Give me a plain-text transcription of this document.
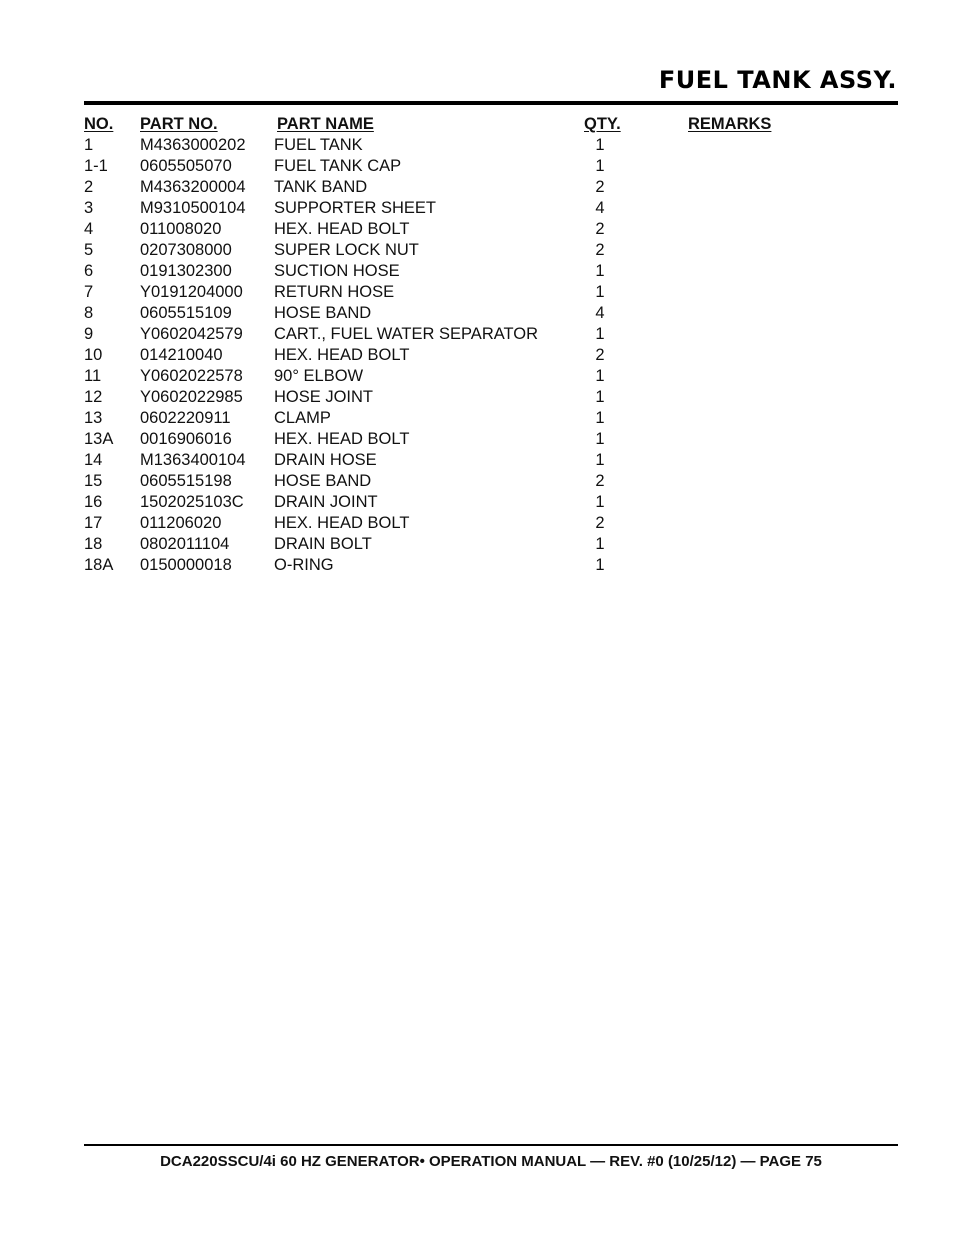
FUEL TANK ASSY.
NO. PART NO.	PART NAME	QTY.	REMARKS
1	M4363000202 FUEL TANK	1
1-1 0605505070	FUEL TANK CAP	1
2	M4363200004 TANK BAND	2
3	M9310500104 SUPPORTER SHEET	4
4	011008020	HEX. HEAD BOLT	2
5	0207308000	SUPER LOCK NUT	2
6	0191302300	SUCTION HOSE	1
7	Y0191204000 RETURN HOSE	1
8	0605515109	HOSE BAND	4
9	Y0602042579 CART., FUEL WATER SEPARATOR	1
10 014210040	HEX. HEAD BOLT	2
11 Y0602022578 90° ELBOW	1
12 Y0602022985 HOSE JOINT	1
13 0602220911	CLAMP	1
13A 0016906016	HEX. HEAD BOLT	1
14 M1363400104 DRAIN HOSE	1
15 0605515198	HOSE BAND	2
16 1502025103C DRAIN JOINT	1
17 011206020	HEX. HEAD BOLT	2
18 0802011104	DRAIN BOLT	1
18A 0150000018	O-RING	1
DCA220SSCU/4i 60 HZ GENERATOR• OPERATION MANUAL — REV. #0 (10/25/12) — PAGE 75
